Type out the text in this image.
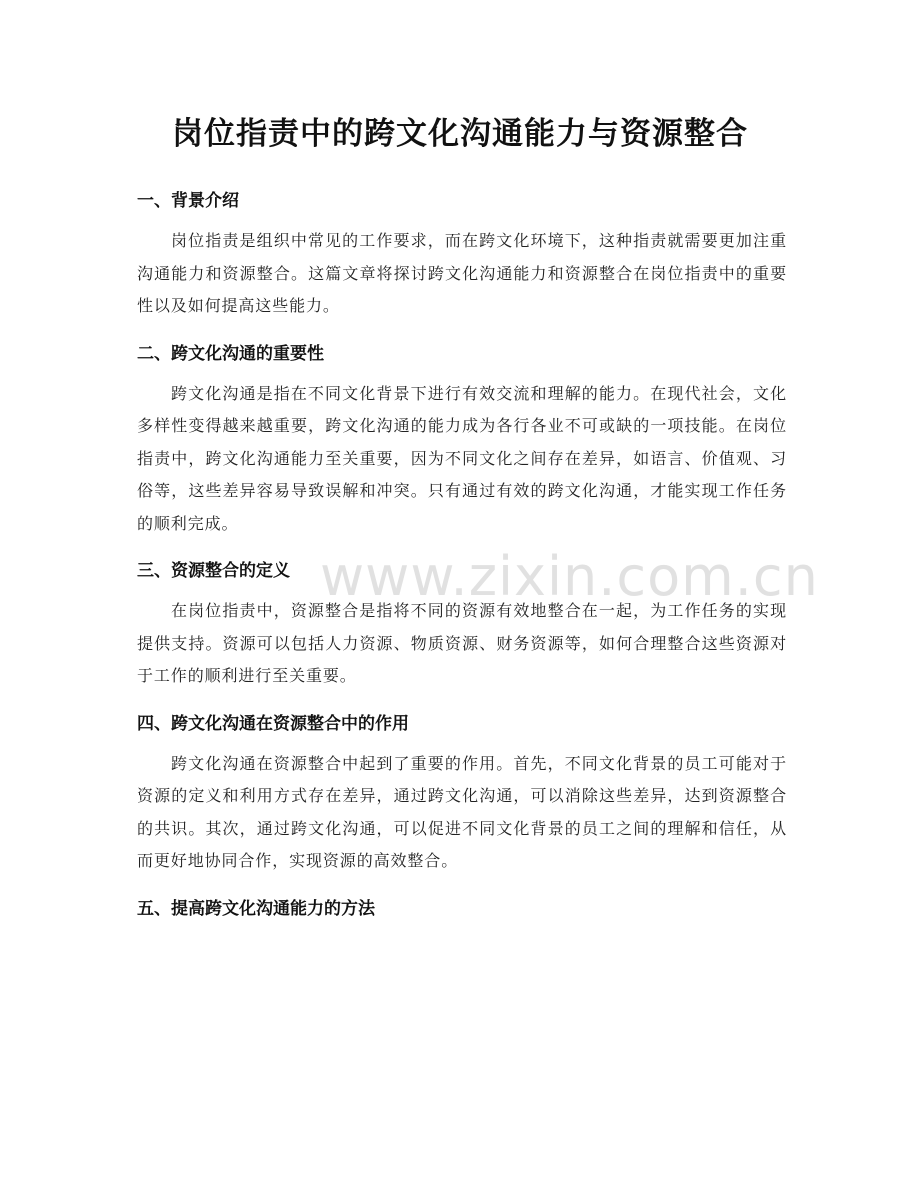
岗位指责中的跨文化沟通能力与资源整合
一、背景介绍

岗位指责是组织中常见的工作要求，而在跨文化环境下，这种指责就需要更加注重沟通能力和资源整合。这篇文章将探讨跨文化沟通能力和资源整合在岗位指责中的重要性以及如何提高这些能力。

二、跨文化沟通的重要性

跨文化沟通是指在不同文化背景下进行有效交流和理解的能力。在现代社会，文化多样性变得越来越重要，跨文化沟通的能力成为各行各业不可或缺的一项技能。在岗位指责中，跨文化沟通能力至关重要，因为不同文化之间存在差异，如语言、价值观、习俗等，这些差异容易导致误解和冲突。只有通过有效的跨文化沟通，才能实现工作任务的顺利完成。

三、资源整合的定义

在岗位指责中，资源整合是指将不同的资源有效地整合在一起，为工作任务的实现提供支持。资源可以包括人力资源、物质资源、财务资源等，如何合理整合这些资源对于工作的顺利进行至关重要。

四、跨文化沟通在资源整合中的作用

跨文化沟通在资源整合中起到了重要的作用。首先，不同文化背景的员工可能对于资源的定义和利用方式存在差异，通过跨文化沟通，可以消除这些差异，达到资源整合的共识。其次，通过跨文化沟通，可以促进不同文化背景的员工之间的理解和信任，从而更好地协同合作，实现资源的高效整合。

五、提高跨文化沟通能力的方法
www.zixin.com.cn
